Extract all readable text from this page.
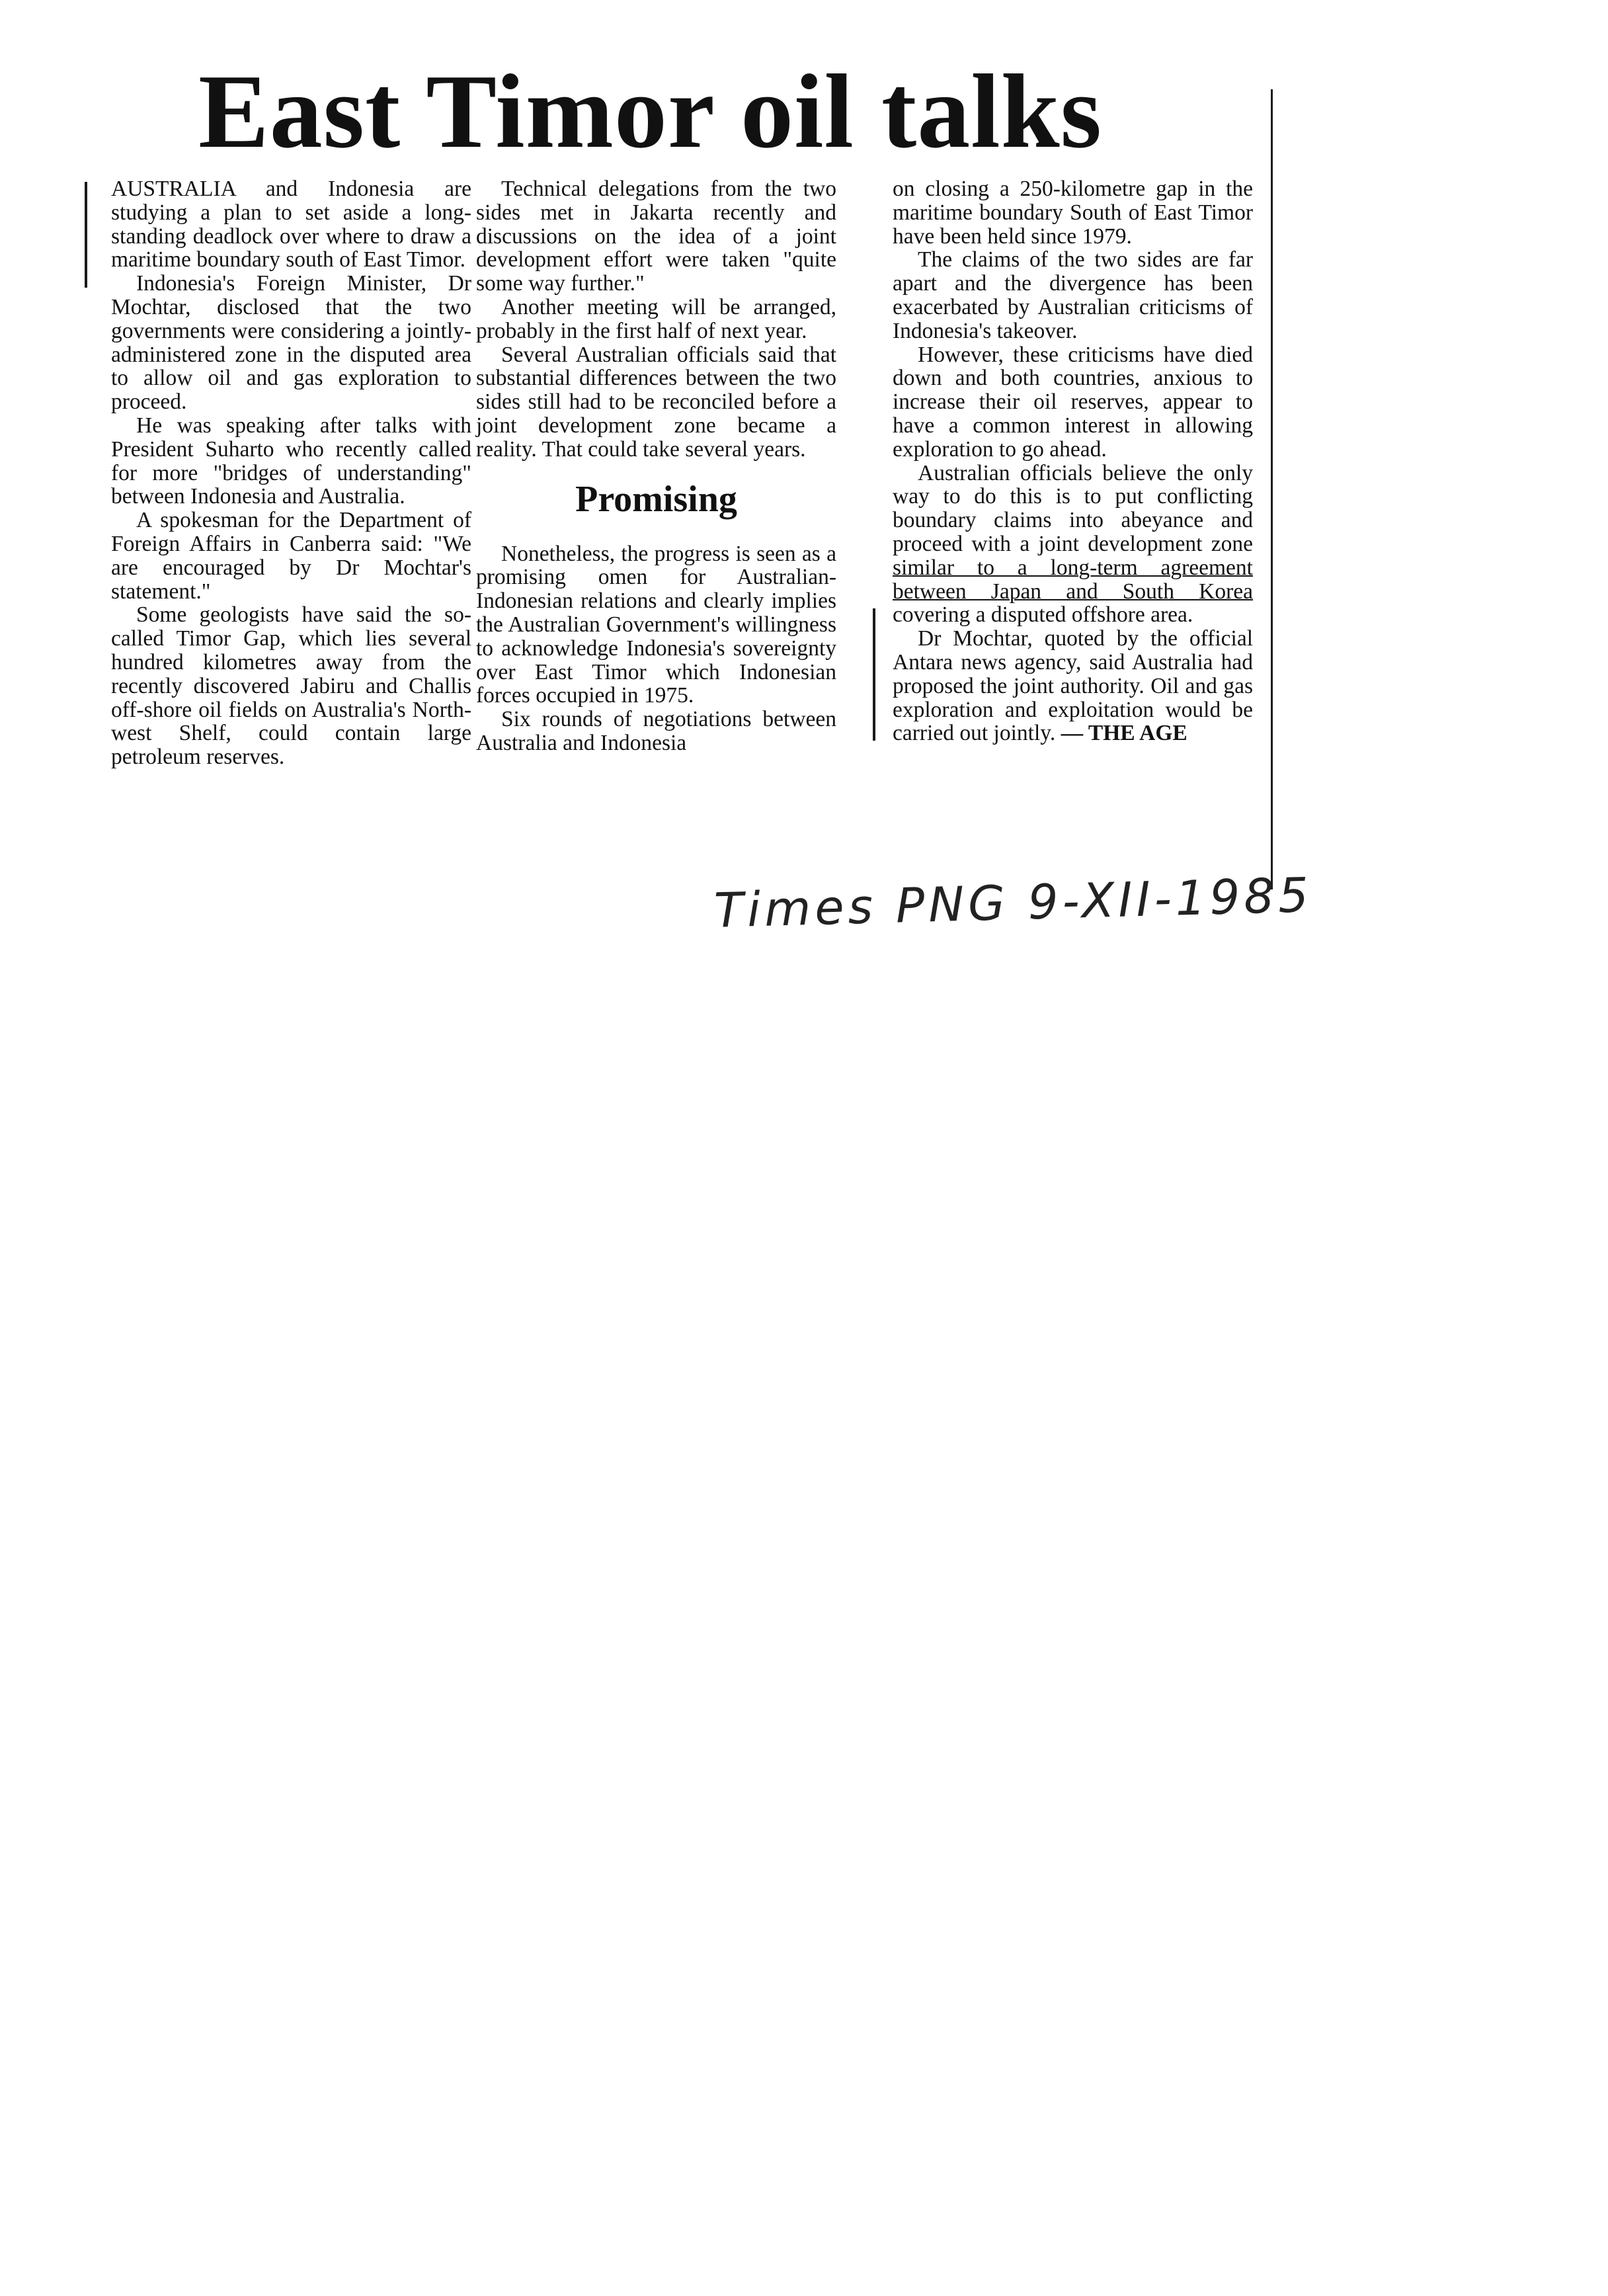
East Timor oil talks

AUSTRALIA and Indonesia are studying a plan to set aside a long-standing deadlock over where to draw a maritime boundary south of East Timor.

Indonesia's Foreign Minister, Dr Mochtar, disclosed that the two governments were considering a jointly-administered zone in the disputed area to allow oil and gas exploration to proceed.

He was speaking after talks with President Suharto who recently called for more "bridges of understanding" between Indonesia and Australia.

A spokesman for the Department of Foreign Affairs in Canberra said: "We are encouraged by Dr Mochtar's statement."

Some geologists have said the so-called Timor Gap, which lies several hundred kilometres away from the recently discovered Jabiru and Challis off-shore oil fields on Australia's North-west Shelf, could contain large petroleum reserves.

Technical delegations from the two sides met in Jakarta recently and discussions on the idea of a joint development effort were taken "quite some way further."

Another meeting will be arranged, probably in the first half of next year.

Several Australian officials said that substantial differences between the two sides still had to be reconciled before a joint development zone became a reality. That could take several years.

Promising

Nonetheless, the progress is seen as a promising omen for Australian-Indonesian relations and clearly implies the Australian Government's willingness to acknowledge Indonesia's sovereignty over East Timor which Indonesian forces occupied in 1975.

Six rounds of negotiations between Australia and Indonesia

on closing a 250-kilometre gap in the maritime boundary South of East Timor have been held since 1979.

The claims of the two sides are far apart and the divergence has been exacerbated by Australian criticisms of Indonesia's takeover.

However, these criticisms have died down and both countries, anxious to increase their oil reserves, appear to have a common interest in allowing exploration to go ahead.

Australian officials believe the only way to do this is to put conflicting boundary claims into abeyance and proceed with a joint development zone similar to a long-term agreement between Japan and South Korea covering a disputed offshore area.

Dr Mochtar, quoted by the official Antara news agency, said Australia had proposed the joint authority. Oil and gas exploration and exploitation would be carried out jointly. — THE AGE

Times PNG 9-XII-1985
